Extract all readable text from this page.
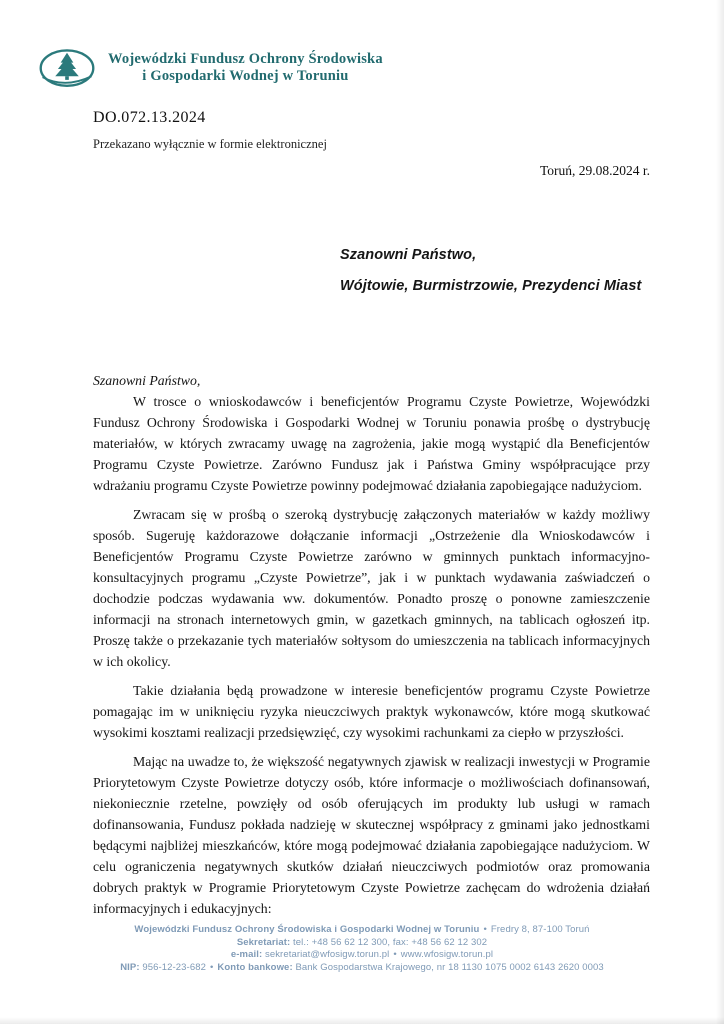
Wojewódzki Fundusz Ochrony Środowiska
i Gospodarki Wodnej w Toruniu
DO.072.13.2024
Przekazano wyłącznie w formie elektronicznej
Toruń, 29.08.2024 r.
Szanowni Państwo,
Wójtowie, Burmistrzowie, Prezydenci Miast

Szanowni Państwo,

W trosce o wnioskodawców i beneficjentów Programu Czyste Powietrze, Wojewódzki Fundusz Ochrony Środowiska i Gospodarki Wodnej w Toruniu ponawia prośbę o dystrybucję materiałów, w których zwracamy uwagę na zagrożenia, jakie mogą wystąpić dla Beneficjentów Programu Czyste Powietrze. Zarówno Fundusz jak i Państwa Gminy współpracujące przy wdrażaniu programu Czyste Powietrze powinny podejmować działania zapobiegające nadużyciom.

Zwracam się w prośbą o szeroką dystrybucję załączonych materiałów w każdy możliwy sposób. Sugeruję każdorazowe dołączanie informacji „Ostrzeżenie dla Wnioskodawców i Beneficjentów Programu Czyste Powietrze zarówno w gminnych punktach informacyjno-konsultacyjnych programu „Czyste Powietrze”, jak i w punktach wydawania zaświadczeń o dochodzie podczas wydawania ww. dokumentów. Ponadto proszę o ponowne zamieszczenie informacji na stronach internetowych gmin, w gazetkach gminnych, na tablicach ogłoszeń itp. Proszę także o przekazanie tych materiałów sołtysom do umieszczenia na tablicach informacyjnych w ich okolicy.

Takie działania będą prowadzone w interesie beneficjentów programu Czyste Powietrze pomagając im w uniknięciu ryzyka nieuczciwych praktyk wykonawców, które mogą skutkować wysokimi kosztami realizacji przedsięwzięć, czy wysokimi rachunkami za ciepło w przyszłości.

Mając na uwadze to, że większość negatywnych zjawisk w realizacji inwestycji w Programie Priorytetowym Czyste Powietrze dotyczy osób, które informacje o możliwościach dofinansowań, niekoniecznie rzetelne, powzięły od osób oferujących im produkty lub usługi w ramach dofinansowania, Fundusz pokłada nadzieję w skutecznej współpracy z gminami jako jednostkami będącymi najbliżej mieszkańców, które mogą podejmować działania zapobiegające nadużyciom. W celu ograniczenia negatywnych skutków działań nieuczciwych podmiotów oraz promowania dobrych praktyk w Programie Priorytetowym Czyste Powietrze zachęcam do wdrożenia działań informacyjnych i edukacyjnych:

Wojewódzki Fundusz Ochrony Środowiska i Gospodarki Wodnej w Toruniu • Fredry 8, 87-100 Toruń
Sekretariat: tel.: +48 56 62 12 300, fax: +48 56 62 12 302
e-mail: sekretariat@wfosigw.torun.pl • www.wfosigw.torun.pl
NIP: 956-12-23-682 • Konto bankowe: Bank Gospodarstwa Krajowego, nr 18 1130 1075 0002 6143 2620 0003
